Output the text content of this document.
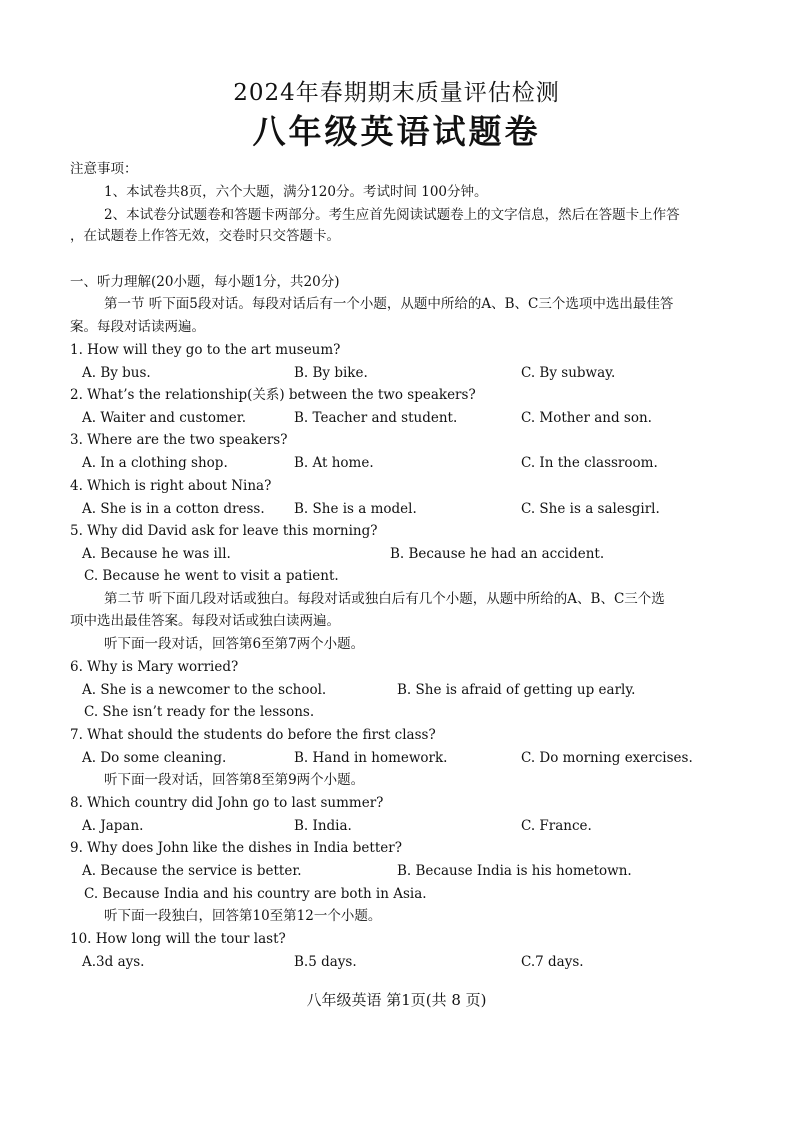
2024年春期期末质量评估检测
八年级英语试题卷
注意事项：
1、本试卷共8页，六个大题，满分120分。考试时间 100分钟。
2、本试卷分试题卷和答题卡两部分。考生应首先阅读试题卷上的文字信息，然后在答题卡上作答
，在试题卷上作答无效，交卷时只交答题卡。
一、听力理解(20小题，每小题1分，共20分)
第一节 听下面5段对话。每段对话后有一个小题，从题中所给的A、B、C三个选项中选出最佳答
案。每段对话读两遍。
1. How will they go to the art museum?
A. By bus.	B. By bike.	C. By subway.
2. What’s the relationship(关系) between the two speakers?
A. Waiter and customer.	B. Teacher and student.	C. Mother and son.
3. Where are the two speakers?
A. In a clothing shop.	B. At home.	C. In the classroom.
4. Which is right about Nina?
A. She is in a cotton dress. B. She is a model.	C. She is a salesgirl.
5. Why did David ask for leave this morning?
A. Because he was ill.	B. Because he had an accident.
C. Because he went to visit a patient.
第二节 听下面几段对话或独白。每段对话或独白后有几个小题，从题中所给的A、B、C三个选
项中选出最佳答案。每段对话或独白读两遍。
听下面一段对话，回答第6至第7两个小题。
6. Why is Mary worried?
A. She is a newcomer to the school.	B. She is afraid of getting up early.
C. She isn’t ready for the lessons.
7. What should the students do before the first class?
A. Do some cleaning.	B. Hand in homework.	C. Do morning exercises.
听下面一段对话，回答第8至第9两个小题。
8. Which country did John go to last summer?
A. Japan.	B. India.	C. France.
9. Why does John like the dishes in India better?
A. Because the service is better.	B. Because India is his hometown.
C. Because India and his country are both in Asia.
听下面一段独白，回答第10至第12一个小题。
10. How long will the tour last?
A.3d ays.	B.5 days.	C.7 days.
八年级英语 第1页(共 8 页)
